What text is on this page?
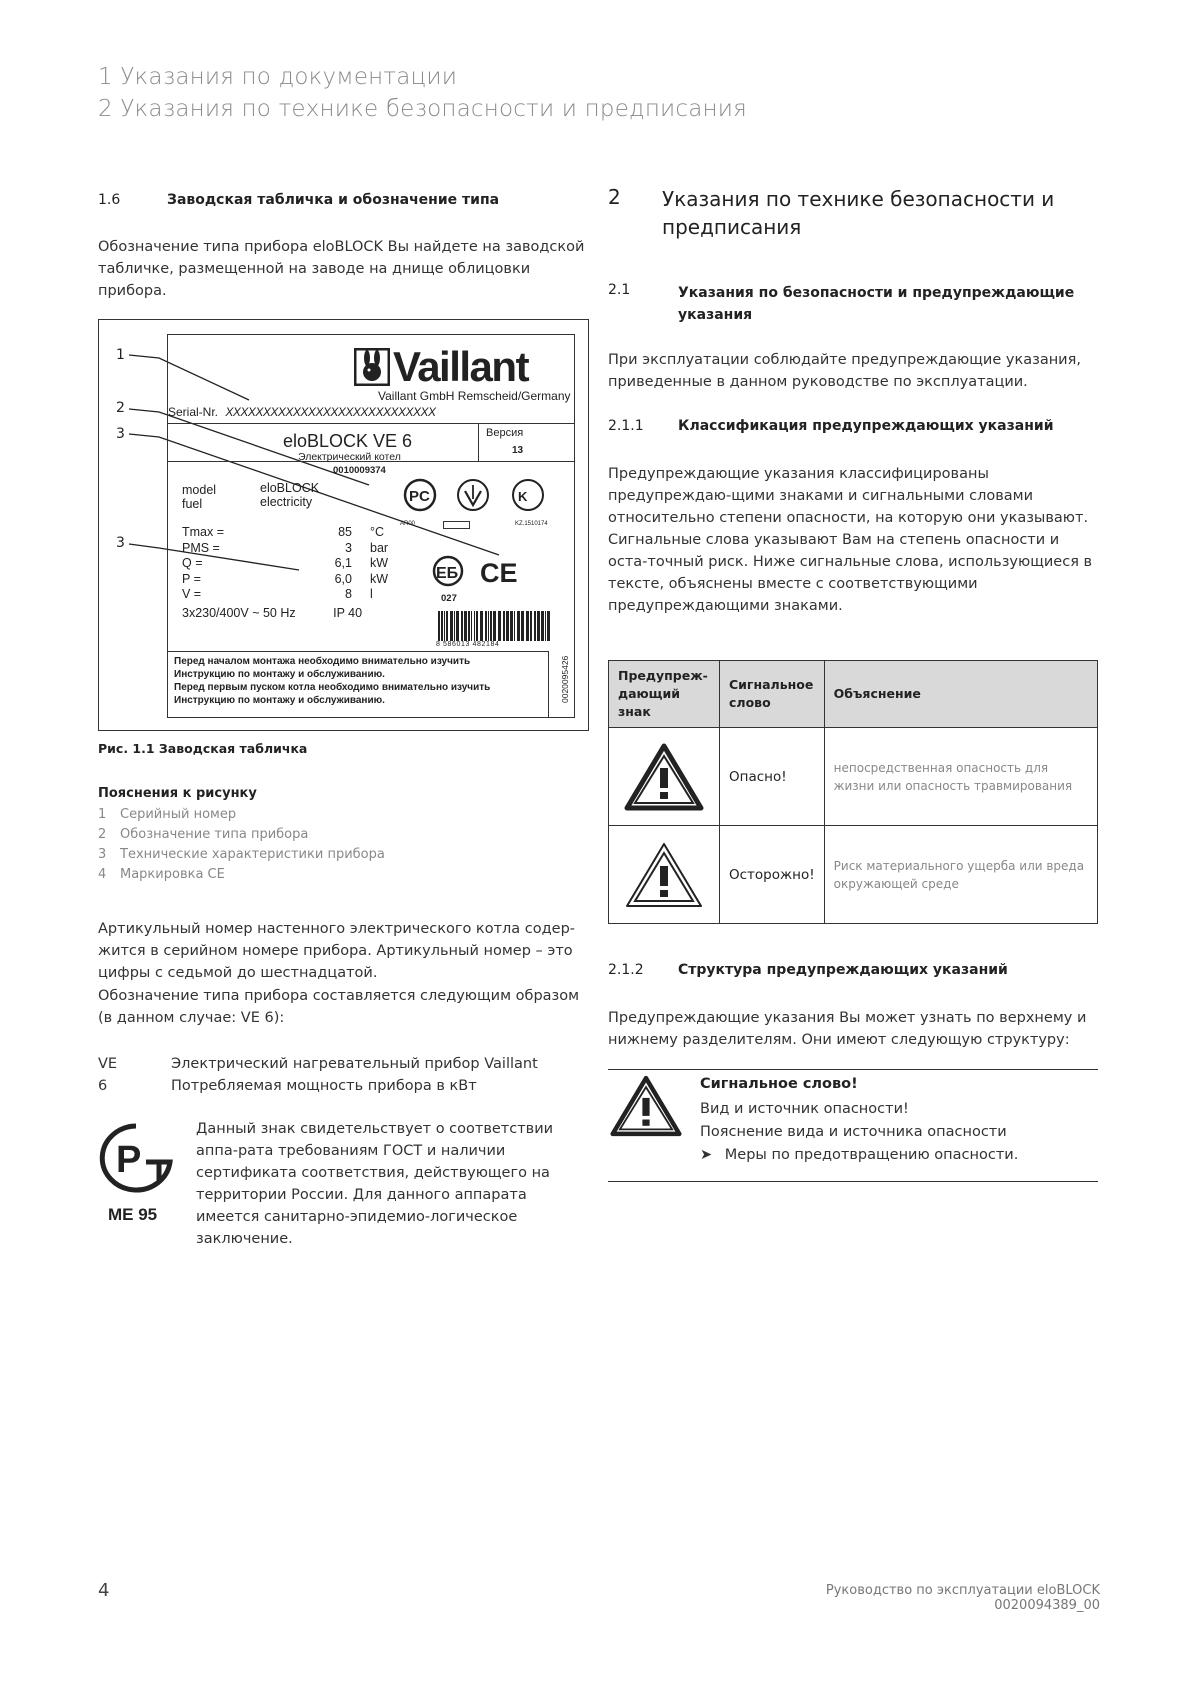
1 Указания по документации
2 Указания по технике безопасности и предписания
1.6	Заводская табличка и обозначение типа
Обозначение типа прибора eloBLOCK Вы найдете на заводской табличке, размещенной на заводе на днище облицовки прибора.
1
2
3
3
Vaillant
Vaillant GmbH Remscheid/Germany
Serial-Nr. XXXXXXXXXXXXXXXXXXXXXXXXXXXX
eloBLOCK VE 6
Электрический котел
Версия
13
0010009374
model
fuel
eloBLOCK
electricity	PC	K
AR00	KZ.1510174
Tmax =	85 °C
PMS =	3 bar
Q =	6,1 kW
P =	6,0 kW
V =	8 l
3x230/400V ~ 50 Hz	IP 40
ЕБ CE
027
8 586013 482184
0020095426
Перед началом монтажа необходимо внимательно изучить
Инструкцию по монтажу и обслуживанию.
Перед первым пуском котла необходимо внимательно изучить
Инструкцию по монтажу и обслуживанию.
Рис. 1.1 Заводская табличка
Пояснения к рисунку
1 Серийный номер
2 Обозначение типа прибора
3 Технические характеристики прибора
4 Маркировка CE
Артикульный номер настенного электрического котла содер-жится в серийном номере прибора. Артикульный номер – это цифры с седьмой до шестнадцатой.
Обозначение типа прибора составляется следующим образом (в данном случае: VE 6):
VE	Электрический нагревательный прибор Vaillant
6	Потребляемая мощность прибора в кВт
P
ME 95
Данный знак свидетельствует о соответствии аппа-рата требованиям ГОСТ и наличии сертификата соответствия, действующего на территории России. Для данного аппарата имеется санитарно-эпидемио-логическое заключение.
2 Указания по технике безопасности и
предписания
2.1	Указания по безопасности и предупреждающие
указания
При эксплуатации соблюдайте предупреждающие указания, приведенные в данном руководстве по эксплуатации.
2.1.1 Классификация предупреждающих указаний
Предупреждающие указания классифицированы предупреждаю-щими знаками и сигнальными словами относительно степени опасности, на которую они указывают.
Сигнальные слова указывают Вам на степень опасности и оста-точный риск. Ниже сигнальные слова, использующиеся в тексте, объяснены вместе с соответствующими предупреждающими знаками.
Предупреж-дающий знак	Сигнальное слово	Объяснение

	Опасно!	непосредственная опасность для жизни или опасность травмирования

	Осторожно!	Риск материального ущерба или вреда окружающей среде
2.1.2 Структура предупреждающих указаний
Предупреждающие указания Вы может узнать по верхнему и нижнему разделителям. Они имеют следующую структуру:
Сигнальное слово!
Вид и источник опасности!
Пояснение вида и источника опасности
➤ Меры по предотвращению опасности.
4	Руководство по эксплуатации eloBLOCK 0020094389_00
